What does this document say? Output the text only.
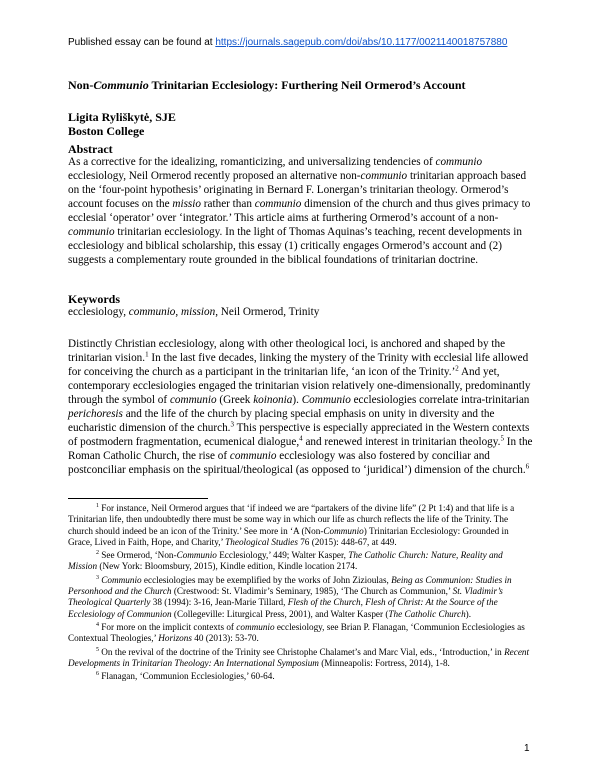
Published essay can be found at https://journals.sagepub.com/doi/abs/10.1177/0021140018757880
Non-Communio Trinitarian Ecclesiology: Furthering Neil Ormerod’s Account
Ligita Ryliškytė, SJE
Boston College
Abstract

As a corrective for the idealizing, romanticizing, and universalizing tendencies of communio ecclesiology, Neil Ormerod recently proposed an alternative non-communio trinitarian approach based on the ‘four-point hypothesis’ originating in Bernard F. Lonergan’s trinitarian theology. Ormerod’s account focuses on the missio rather than communio dimension of the church and thus gives primacy to ecclesial ‘operator’ over ‘integrator.’ This article aims at furthering Ormerod’s account of a non-communio trinitarian ecclesiology. In the light of Thomas Aquinas’s teaching, recent developments in ecclesiology and biblical scholarship, this essay (1) critically engages Ormerod’s account and (2) suggests a complementary route grounded in the biblical foundations of trinitarian doctrine.

Keywords

ecclesiology, communio, mission, Neil Ormerod, Trinity

Distinctly Christian ecclesiology, along with other theological loci, is anchored and shaped by the trinitarian vision.$^1$ In the last five decades, linking the mystery of the Trinity with ecclesial life allowed for conceiving the church as a participant in the trinitarian life, ‘an icon of the Trinity.’$^2$ And yet, contemporary ecclesiologies engaged the trinitarian vision relatively one-dimensionally, predominantly through the symbol of communio (Greek koinonia). Communio ecclesiologies correlate intra-trinitarian perichoresis and the life of the church by placing special emphasis on unity in diversity and the eucharistic dimension of the church.$^3$ This perspective is especially appreciated in the Western contexts of postmodern fragmentation, ecumenical dialogue,$^4$ and renewed interest in trinitarian theology.$^5$ In the Roman Catholic Church, the rise of communio ecclesiology was also fostered by conciliar and postconciliar emphasis on the spiritual/theological (as opposed to ‘juridical’) dimension of the church.$^6$

$^1$ For instance, Neil Ormerod argues that ‘if indeed we are “partakers of the divine life” (2 Pt 1:4) and that life is a Trinitarian life, then undoubtedly there must be some way in which our life as church reflects the life of the Trinity. The church should indeed be an icon of the Trinity.’ See more in ‘A (Non-Communio) Trinitarian Ecclesiology: Grounded in Grace, Lived in Faith, Hope, and Charity,’ Theological Studies 76 (2015): 448-67, at 449.

$^2$ See Ormerod, ‘Non-Communio Ecclesiology,’ 449; Walter Kasper, The Catholic Church: Nature, Reality and Mission (New York: Bloomsbury, 2015), Kindle edition, Kindle location 2174.

$^3$ Communio ecclesiologies may be exemplified by the works of John Zizioulas, Being as Communion: Studies in Personhood and the Church (Crestwood: St. Vladimir’s Seminary, 1985), ‘The Church as Communion,’ St. Vladimir’s Theological Quarterly 38 (1994): 3-16, Jean-Marie Tillard, Flesh of the Church, Flesh of Christ: At the Source of the Ecclesiology of Communion (Collegeville: Liturgical Press, 2001), and Walter Kasper (The Catholic Church).

$^4$ For more on the implicit contexts of communio ecclesiology, see Brian P. Flanagan, ‘Communion Ecclesiologies as Contextual Theologies,’ Horizons 40 (2013): 53-70.

$^5$ On the revival of the doctrine of the Trinity see Christophe Chalamet’s and Marc Vial, eds., ‘Introduction,’ in Recent Developments in Trinitarian Theology: An International Symposium (Minneapolis: Fortress, 2014), 1-8.

$^6$ Flanagan, ‘Communion Ecclesiologies,’ 60-64.

1
